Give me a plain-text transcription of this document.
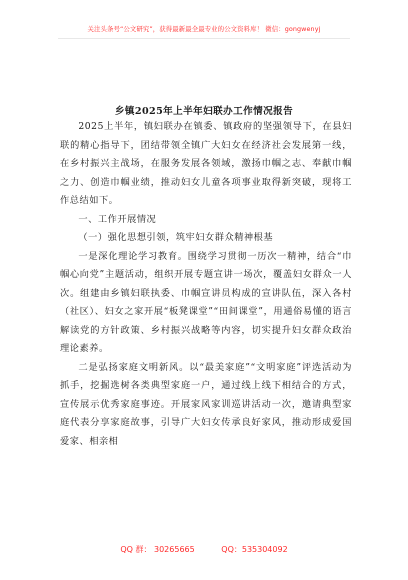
关注头条号“公文研究”，获得最新最全最专业的公文资料库！ 微信：gongwenyj
乡镇2025年上半年妇联办工作情况报告

2025上半年，镇妇联办在镇委、镇政府的坚强领导下，在县妇联的精心指导下，团结带领全镇广大妇女在经济社会发展第一线，在乡村振兴主战场，在服务发展各领域，激扬巾帼之志、奉献巾帼之力、创造巾帼业绩，推动妇女儿童各项事业取得新突破，现将工作总结如下。

一、工作开展情况
（一）强化思想引领，筑牢妇女群众精神根基

一是深化理论学习教育。围绕学习贯彻一历次一精神，结合“巾帼心向党”主题活动，组织开展专题宣讲一场次，覆盖妇女群众一人次。组建由乡镇妇联执委、巾帼宣讲员构成的宣讲队伍，深入各村（社区）、妇女之家开展“板凳课堂”“田间课堂”，用通俗易懂的语言解读党的方针政策、乡村振兴战略等内容，切实提升妇女群众政治理论素养。

二是弘扬家庭文明新风。以“最美家庭”“文明家庭”评选活动为抓手，挖掘选树各类典型家庭一户，通过线上线下相结合的方式，宣传展示优秀家庭事迹。开展家风家训巡讲活动一次，邀请典型家庭代表分享家庭故事，引导广大妇女传承良好家风，推动形成爱国爱家、相亲相

QQ 群： 30265665	QQ：535304092
